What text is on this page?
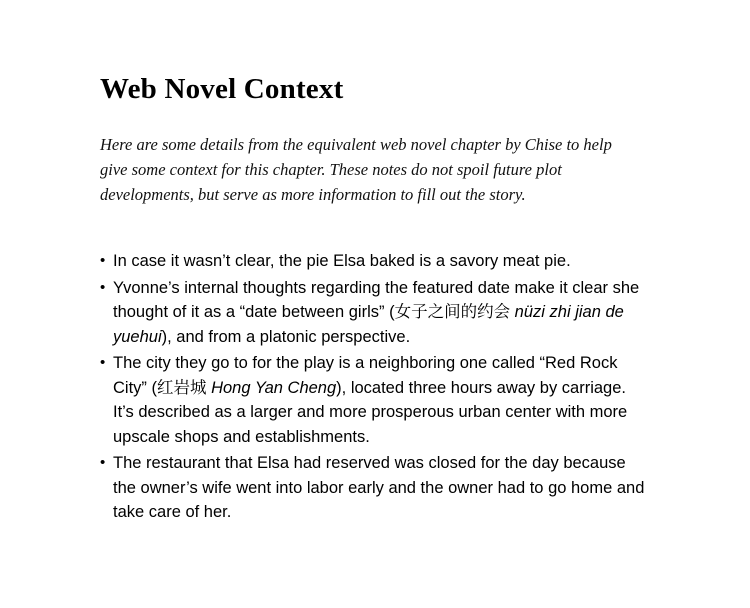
Web Novel Context

Here are some details from the equivalent web novel chapter by Chise to help give some context for this chapter. These notes do not spoil future plot developments, but serve as more information to fill out the story.

• In case it wasn’t clear, the pie Elsa baked is a savory meat pie.
• Yvonne’s internal thoughts regarding the featured date make it clear she thought of it as a “date between girls” (女子之间的约会 nüzi zhi jian de yuehui), and from a platonic perspective.
• The city they go to for the play is a neighboring one called “Red Rock City” (红岩城 Hong Yan Cheng), located three hours away by carriage. It’s described as a larger and more prosperous urban center with more upscale shops and establishments.
• The restaurant that Elsa had reserved was closed for the day because the owner’s wife went into labor early and the owner had to go home and take care of her.
